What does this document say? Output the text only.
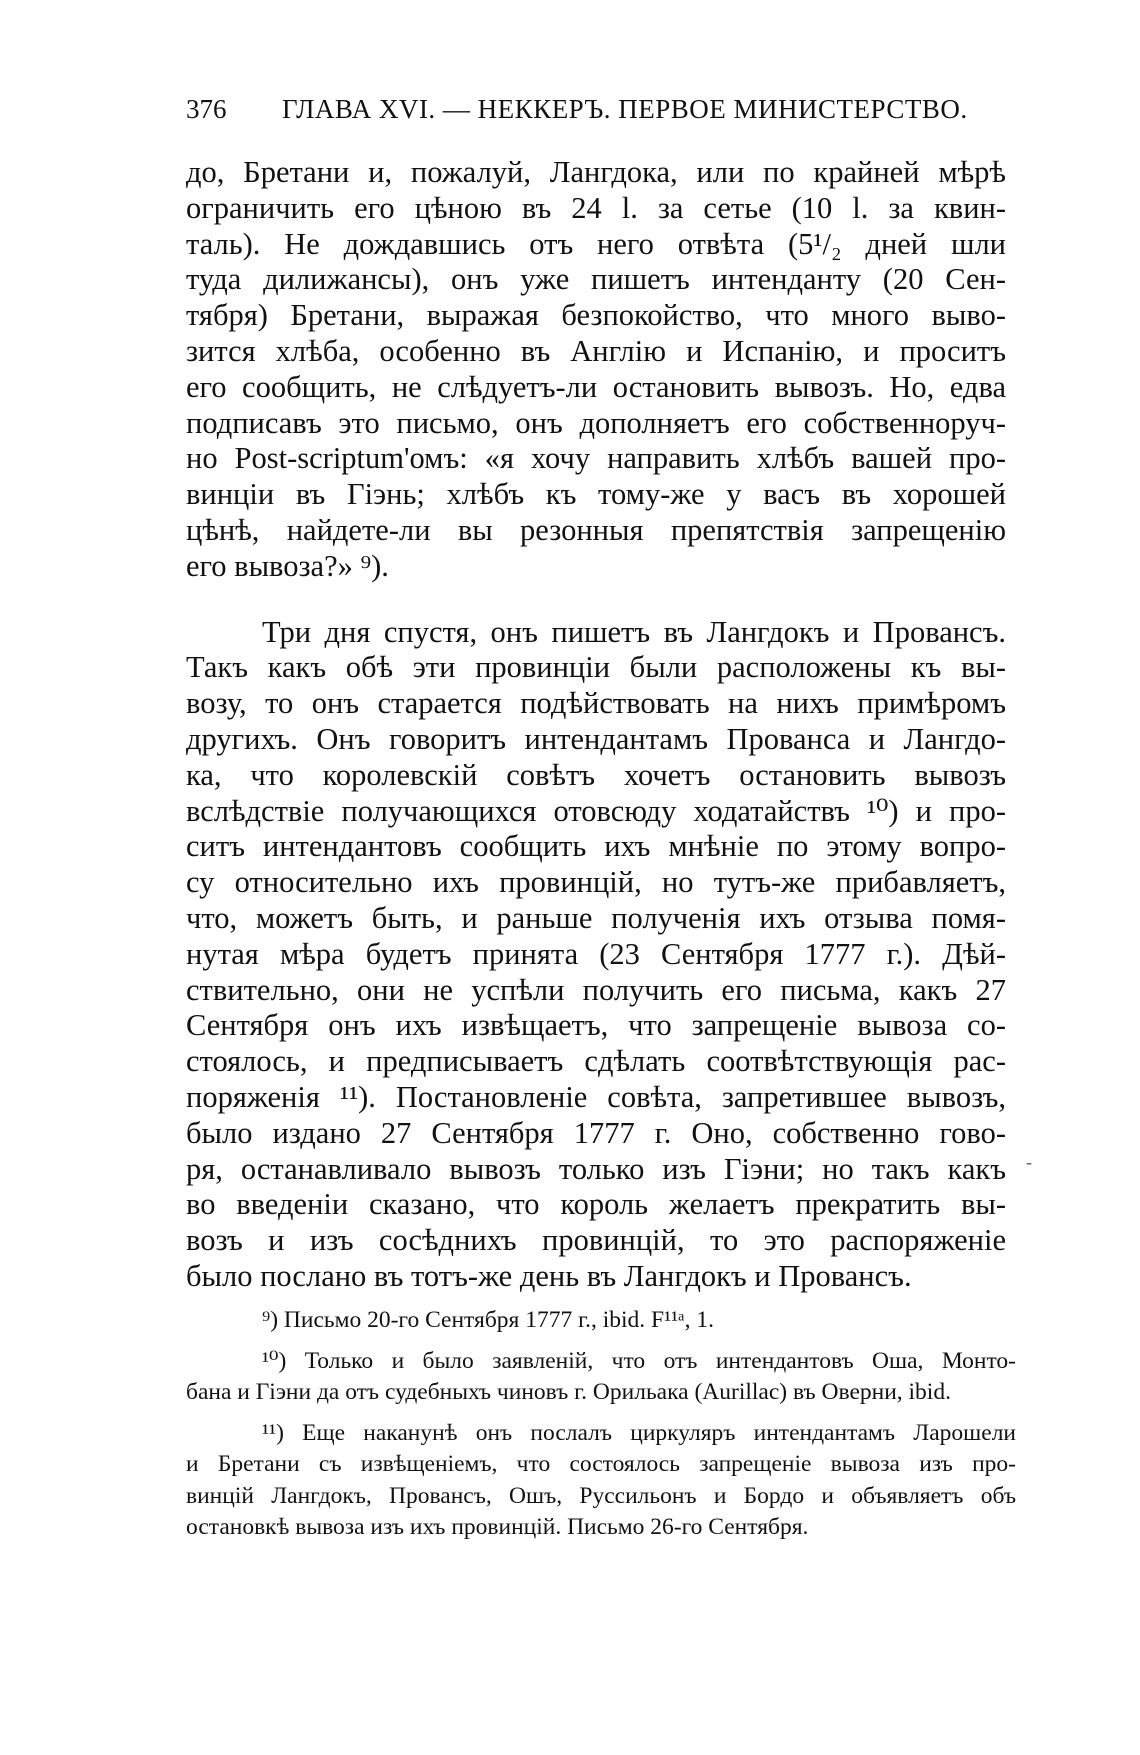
376 ГЛАВА XVI. — НЕККЕРЪ. ПЕРВОЕ МИНИСТЕРСТВО.
до, Бретани и, пожалуй, Лангдока, или по крайней мѣрѣ
ограничить его цѣною въ 24 l. за сетье (10 l. за квин-
таль). Не дождавшись отъ него отвѣта (5¹/₂ дней шли
туда дилижансы), онъ уже пишетъ интенданту (20 Сен-
тября) Бретани, выражая безпокойство, что много выво-
зится хлѣба, особенно въ Англію и Испанію, и проситъ
его сообщить, не слѣдуетъ-ли остановить вывозъ. Но, едва
подписавъ это письмо, онъ дополняетъ его собственноруч-
но Post-scriptum'омъ: «я хочу направить хлѣбъ вашей про-
винціи въ Гіэнь; хлѣбъ къ тому-же у васъ въ хорошей
цѣнѣ, найдете-ли вы резонныя препятствія запрещенію
его вывоза?» ⁹).
Три дня спустя, онъ пишетъ въ Лангдокъ и Провансъ.
Такъ какъ обѣ эти провинціи были расположены къ вы-
возу, то онъ старается подѣйствовать на нихъ примѣромъ
другихъ. Онъ говоритъ интендантамъ Прованса и Лангдо-
ка, что королевскій совѣтъ хочетъ остановить вывозъ
вслѣдствіе получающихся отовсюду ходатайствъ ¹⁰) и про-
ситъ интендантовъ сообщить ихъ мнѣніе по этому вопро-
су относительно ихъ провинцій, но тутъ-же прибавляетъ,
что, можетъ быть, и раньше полученія ихъ отзыва помя-
нутая мѣра будетъ принята (23 Сентября 1777 г.). Дѣй-
ствительно, они не успѣли получить его письма, какъ 27
Сентября онъ ихъ извѣщаетъ, что запрещеніе вывоза со-
стоялось, и предписываетъ сдѣлать соотвѣтствующія рас-
поряженія ¹¹). Постановленіе совѣта, запретившее вывозъ,
было издано 27 Сентября 1777 г. Оно, собственно гово-
ря, останавливало вывозъ только изъ Гіэни; но такъ какъ
во введеніи сказано, что король желаетъ прекратить вы-
возъ и изъ сосѣднихъ провинцій, то это распоряженіе
было послано въ тотъ-же день въ Лангдокъ и Провансъ.
⁹) Письмо 20-го Сентября 1777 г., ibid. F¹¹ᵃ, 1.
¹⁰) Только и было заявленій, что отъ интендантовъ Оша, Монто-
бана и Гіэни да отъ судебныхъ чиновъ г. Орильака (Aurillac) въ Оверни, ibid.
¹¹) Еще наканунѣ онъ послалъ циркуляръ интендантамъ Ларошели
и Бретани съ извѣщеніемъ, что состоялось запрещеніе вывоза изъ про-
винцій Лангдокъ, Провансъ, Ошъ, Руссильонъ и Бордо и объявляетъ объ
остановкѣ вывоза изъ ихъ провинцій. Письмо 26-го Сентября.
-
